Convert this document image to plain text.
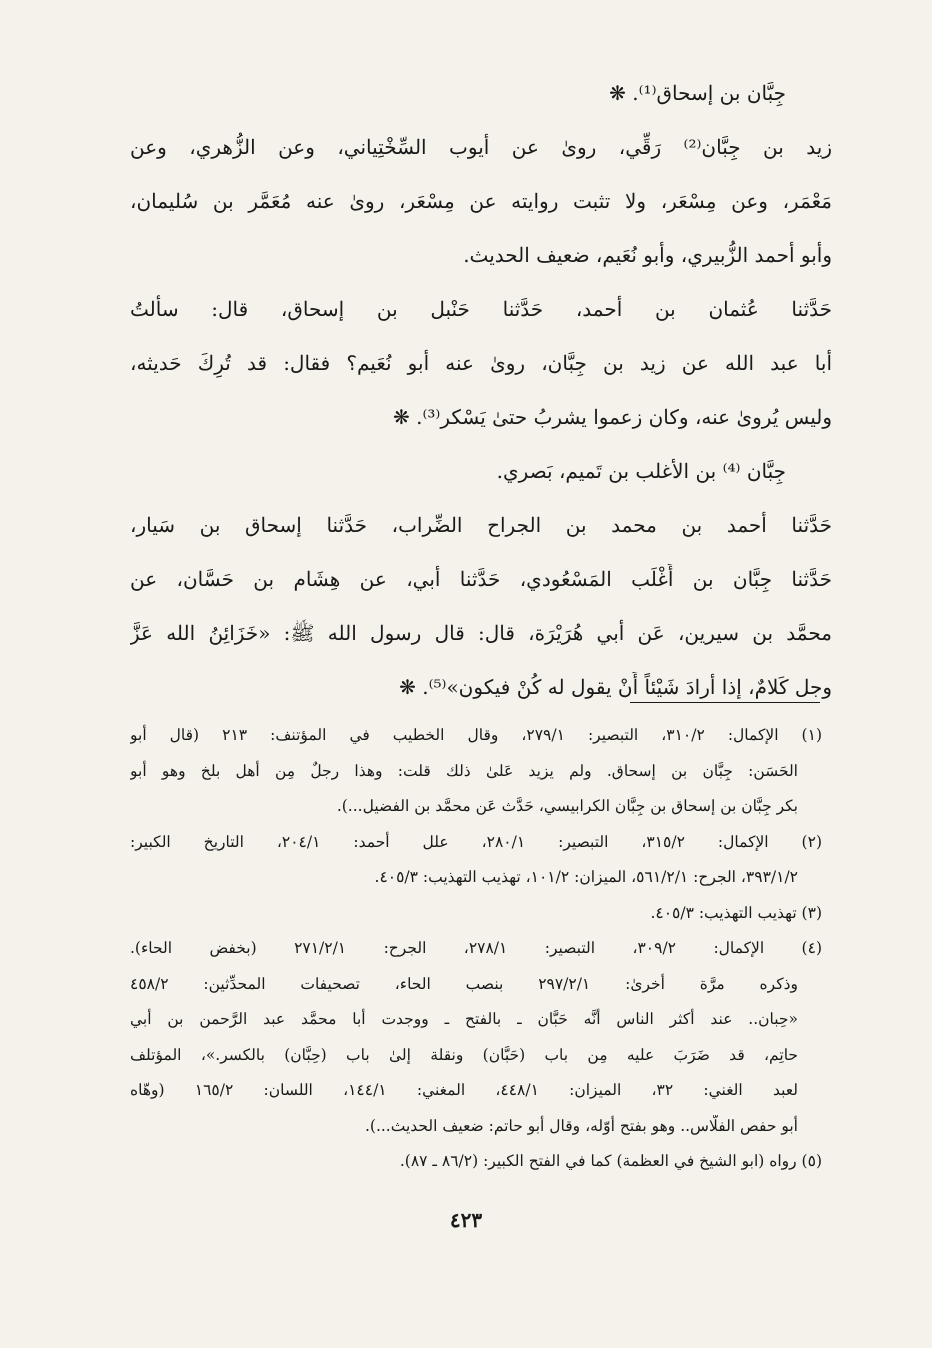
جِبَّان بن إسحاق⁽¹⁾. ❋
زيد بن جِبَّان⁽²⁾ رَقِّي، روىٰ عن أيوب السِّخْتِياني، وعن الزُّهري، وعن
مَعْمَر، وعن مِسْعَر، ولا تثبت روايته عن مِسْعَر، روىٰ عنه مُعَمَّر بن سُليمان،
وأبو أحمد الزُّبيري، وأبو نُعَيم، ضعيف الحديث.
حَدَّثنا عُثمان بن أحمد، حَدَّثنا حَنْبل بن إسحاق، قال: سألتُ
أبا عبد الله عن زيد بن جِبَّان، روىٰ عنه أبو نُعَيم؟ فقال: قد تُرِكَ حَديثه،
وليس يُروىٰ عنه، وكان زعموا يشربُ حتىٰ يَسْكر⁽³⁾. ❋
جِبَّان ⁽⁴⁾ بن الأغلب بن تَميم، بَصري.
حَدَّثنا أحمد بن محمد بن الجراح الضِّراب، حَدَّثنا إسحاق بن سَيار،
حَدَّثنا جِبَّان بن أَغْلَب المَسْعُودي، حَدَّثنا أبي، عن هِشَام بن حَسَّان، عن
محمَّد بن سيرين، عَن أبي هُرَيْرَة، قال: قال رسول الله ﷺ: «خَزَائِنُ الله عَزَّ
وجل كَلامٌ، إذا أرادَ شَيْئاً أَنْ يقول له كُنْ فيكون»⁽⁵⁾. ❋
(١) الإكمال: ٣١٠/٢، التبصير: ٢٧٩/١، وقال الخطيب في المؤتنف: ٢١٣ (قال أبو
الحَسَن: جِبَّان بن إسحاق. ولم يزيد عَلىٰ ذلك قلت: وهذا رجلٌ مِن أهل بلخ وهو أبو
بكر جِبَّان بن إسحاق بن جِبَّان الكرابيسي، حَدَّث عَن محمَّد بن الفضيل...).
(٢) الإكمال: ٣١٥/٢، التبصير: ٢٨٠/١، علل أحمد: ٢٠٤/١، التاريخ الكبير:
٣٩٣/١/٢، الجرح: ٥٦١/٢/١، الميزان: ١٠١/٢، تهذيب التهذيب: ٤٠٥/٣.
(٣) تهذيب التهذيب: ٤٠٥/٣.
(٤) الإكمال: ٣٠٩/٢، التبصير: ٢٧٨/١، الجرح: ٢٧١/٢/١ (بخفض الحاء).
وذكره مرَّة أخرىٰ: ٢٩٧/٢/١ بنصب الحاء، تصحيفات المحدِّثين: ٤٥٨/٢
«حِبان.. عند أكثر الناس أنَّه حَبَّان ـ بالفتح ـ ووجدت أبا محمَّد عبد الرَّحمن بن أبي
حاتِم، قد ضَرَبَ عليه مِن باب (حَبَّان) ونقلة إلىٰ باب (حِبَّان) بالكسر.»، المؤتلف
لعبد الغني: ٣٢، الميزان: ٤٤٨/١، المغني: ١٤٤/١، اللسان: ١٦٥/٢ (وهّاه
أبو حفص الفلّاس.. وهو بفتح أوّله، وقال أبو حاتم: ضعيف الحديث...).
(٥) رواه (ابو الشيخ في العظمة) كما في الفتح الكبير: (٨٦/٢ ـ ٨٧).
٤٢٣
